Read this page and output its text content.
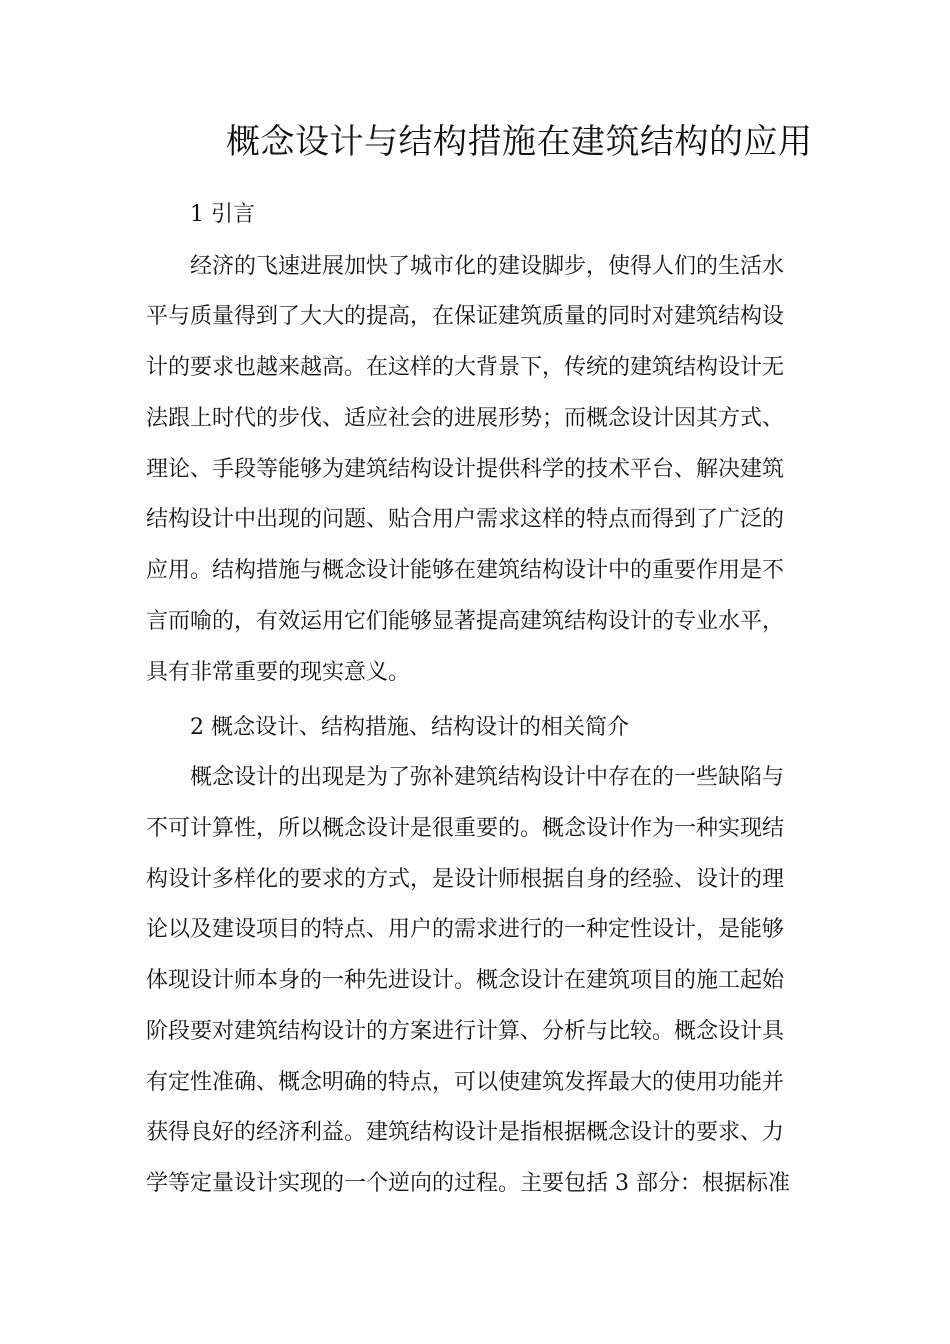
概念设计与结构措施在建筑结构的应用

1 引言

经济的飞速进展加快了城市化的建设脚步，使得人们的生活水

平与质量得到了大大的提高，在保证建筑质量的同时对建筑结构设

计的要求也越来越高。在这样的大背景下，传统的建筑结构设计无

法跟上时代的步伐、适应社会的进展形势；而概念设计因其方式、

理论、手段等能够为建筑结构设计提供科学的技术平台、解决建筑

结构设计中出现的问题、贴合用户需求这样的特点而得到了广泛的

应用。结构措施与概念设计能够在建筑结构设计中的重要作用是不

言而喻的，有效运用它们能够显著提高建筑结构设计的专业水平，

具有非常重要的现实意义。

2 概念设计、结构措施、结构设计的相关简介

概念设计的出现是为了弥补建筑结构设计中存在的一些缺陷与

不可计算性，所以概念设计是很重要的。概念设计作为一种实现结

构设计多样化的要求的方式，是设计师根据自身的经验、设计的理

论以及建设项目的特点、用户的需求进行的一种定性设计，是能够

体现设计师本身的一种先进设计。概念设计在建筑项目的施工起始

阶段要对建筑结构设计的方案进行计算、分析与比较。概念设计具

有定性准确、概念明确的特点，可以使建筑发挥最大的使用功能并

获得良好的经济利益。建筑结构设计是指根据概念设计的要求、力

学等定量设计实现的一个逆向的过程。主要包括 3 部分：根据标准
